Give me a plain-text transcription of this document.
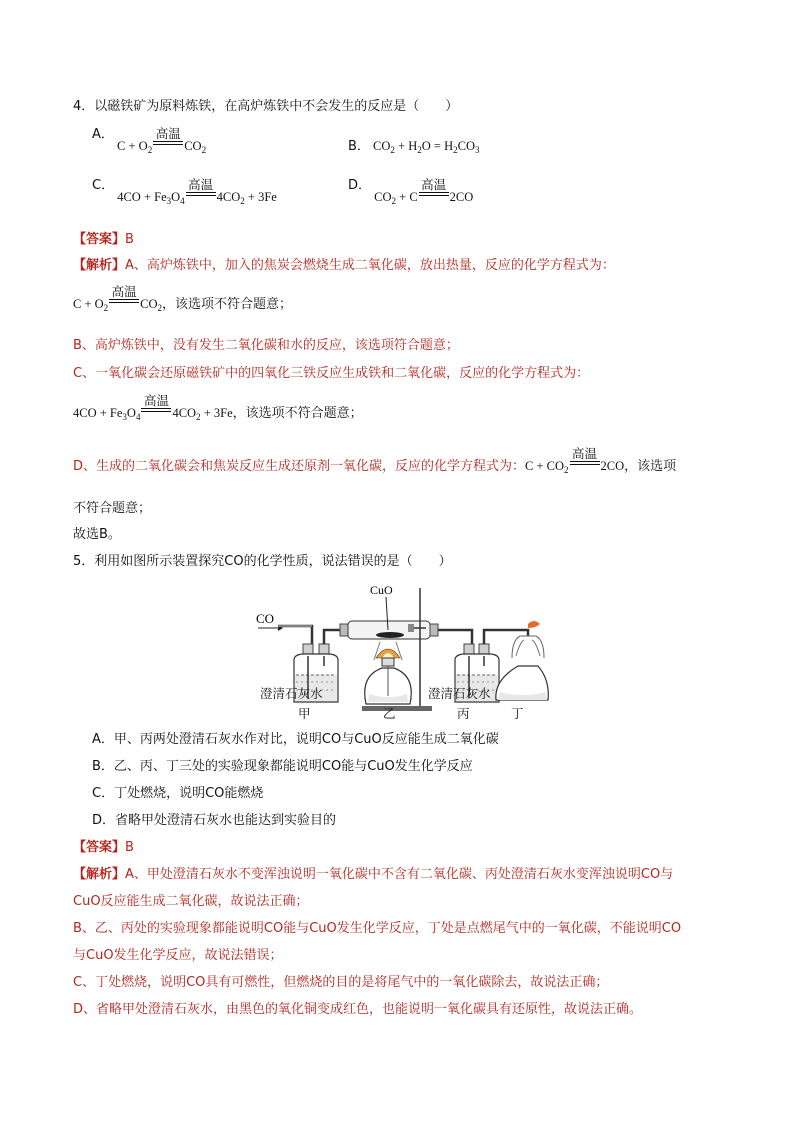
4．以磁铁矿为原料炼铁，在高炉炼铁中不会发生的反应是（　　）
A． $C + O_2$
高温
$CO_2$	B． $CO_2 + H_2O = H_2CO_3$
C． $4CO + Fe_3O_4$
高温
$4CO_2 + 3Fe$
D． $CO_2 + C$
高温
2CO
【答案】B
【解析】A、高炉炼铁中，加入的焦炭会燃烧生成二氧化碳，放出热量，反应的化学方程式为：
$C + O_2$
高温
$CO_2$，该选项不符合题意；
B、高炉炼铁中，没有发生二氧化碳和水的反应，该选项符合题意；
C、一氧化碳会还原磁铁矿中的四氧化三铁反应生成铁和二氧化碳，反应的化学方程式为：
$4CO + Fe_3O_4$
高温
$4CO_2 + 3Fe$，该选项不符合题意；
D、生成的二氧化碳会和焦炭反应生成还原剂一氧化碳，反应的化学方程式为：$C + CO_2$
高温
2CO，该选项
不符合题意；
故选B。
5．利用如图所示装置探究CO的化学性质，说法错误的是（　　）
CO
CuO
澄清石灰水	澄清石灰水
甲	乙	丙	丁
A．甲、丙两处澄清石灰水作对比，说明CO与CuO反应能生成二氧化碳
B．乙、丙、丁三处的实验现象都能说明CO能与CuO发生化学反应
C．丁处燃烧，说明CO能燃烧
D．省略甲处澄清石灰水也能达到实验目的
【答案】B
【解析】A、甲处澄清石灰水不变浑浊说明一氧化碳中不含有二氧化碳、丙处澄清石灰水变浑浊说明CO与
CuO反应能生成二氧化碳，故说法正确；
B、乙、丙处的实验现象都能说明CO能与CuO发生化学反应，丁处是点燃尾气中的一氧化碳，不能说明CO
与CuO发生化学反应，故说法错误；
C、丁处燃烧，说明CO具有可燃性，但燃烧的目的是将尾气中的一氧化碳除去，故说法正确；
D、省略甲处澄清石灰水，由黑色的氧化铜变成红色，也能说明一氧化碳具有还原性，故说法正确。
